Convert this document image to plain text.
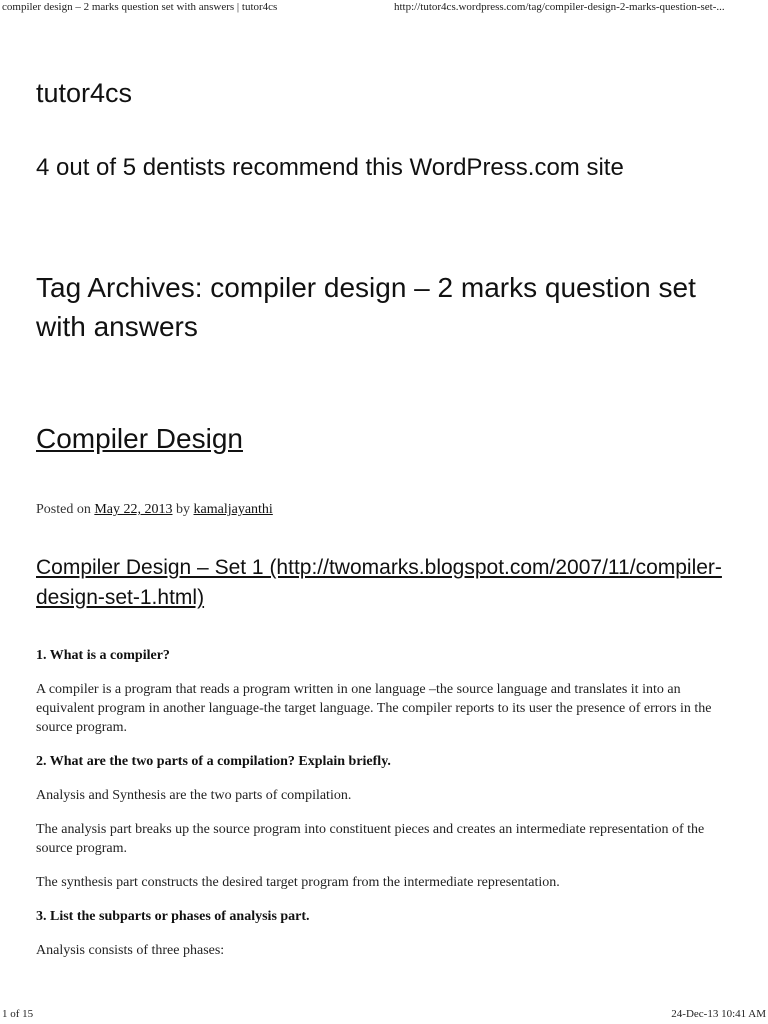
compiler design – 2 marks question set with answers | tutor4cs	http://tutor4cs.wordpress.com/tag/compiler-design-2-marks-question-set-...
tutor4cs
4 out of 5 dentists recommend this WordPress.com site
Tag Archives: compiler design – 2 marks question set with answers
Compiler Design
Posted on May 22, 2013 by kamaljayanthi
Compiler Design – Set 1 (http://twomarks.blogspot.com/2007/11/compiler-design-set-1.html)

1. What is a compiler?

A compiler is a program that reads a program written in one language –the source language and translates it into an equivalent program in another language-the target language. The compiler reports to its user the presence of errors in the source program.

2. What are the two parts of a compilation? Explain briefly.

Analysis and Synthesis are the two parts of compilation.

The analysis part breaks up the source program into constituent pieces and creates an intermediate representation of the source program.

The synthesis part constructs the desired target program from the intermediate representation.

3. List the subparts or phases of analysis part.

Analysis consists of three phases:

1 of 15	24-Dec-13 10:41 AM
